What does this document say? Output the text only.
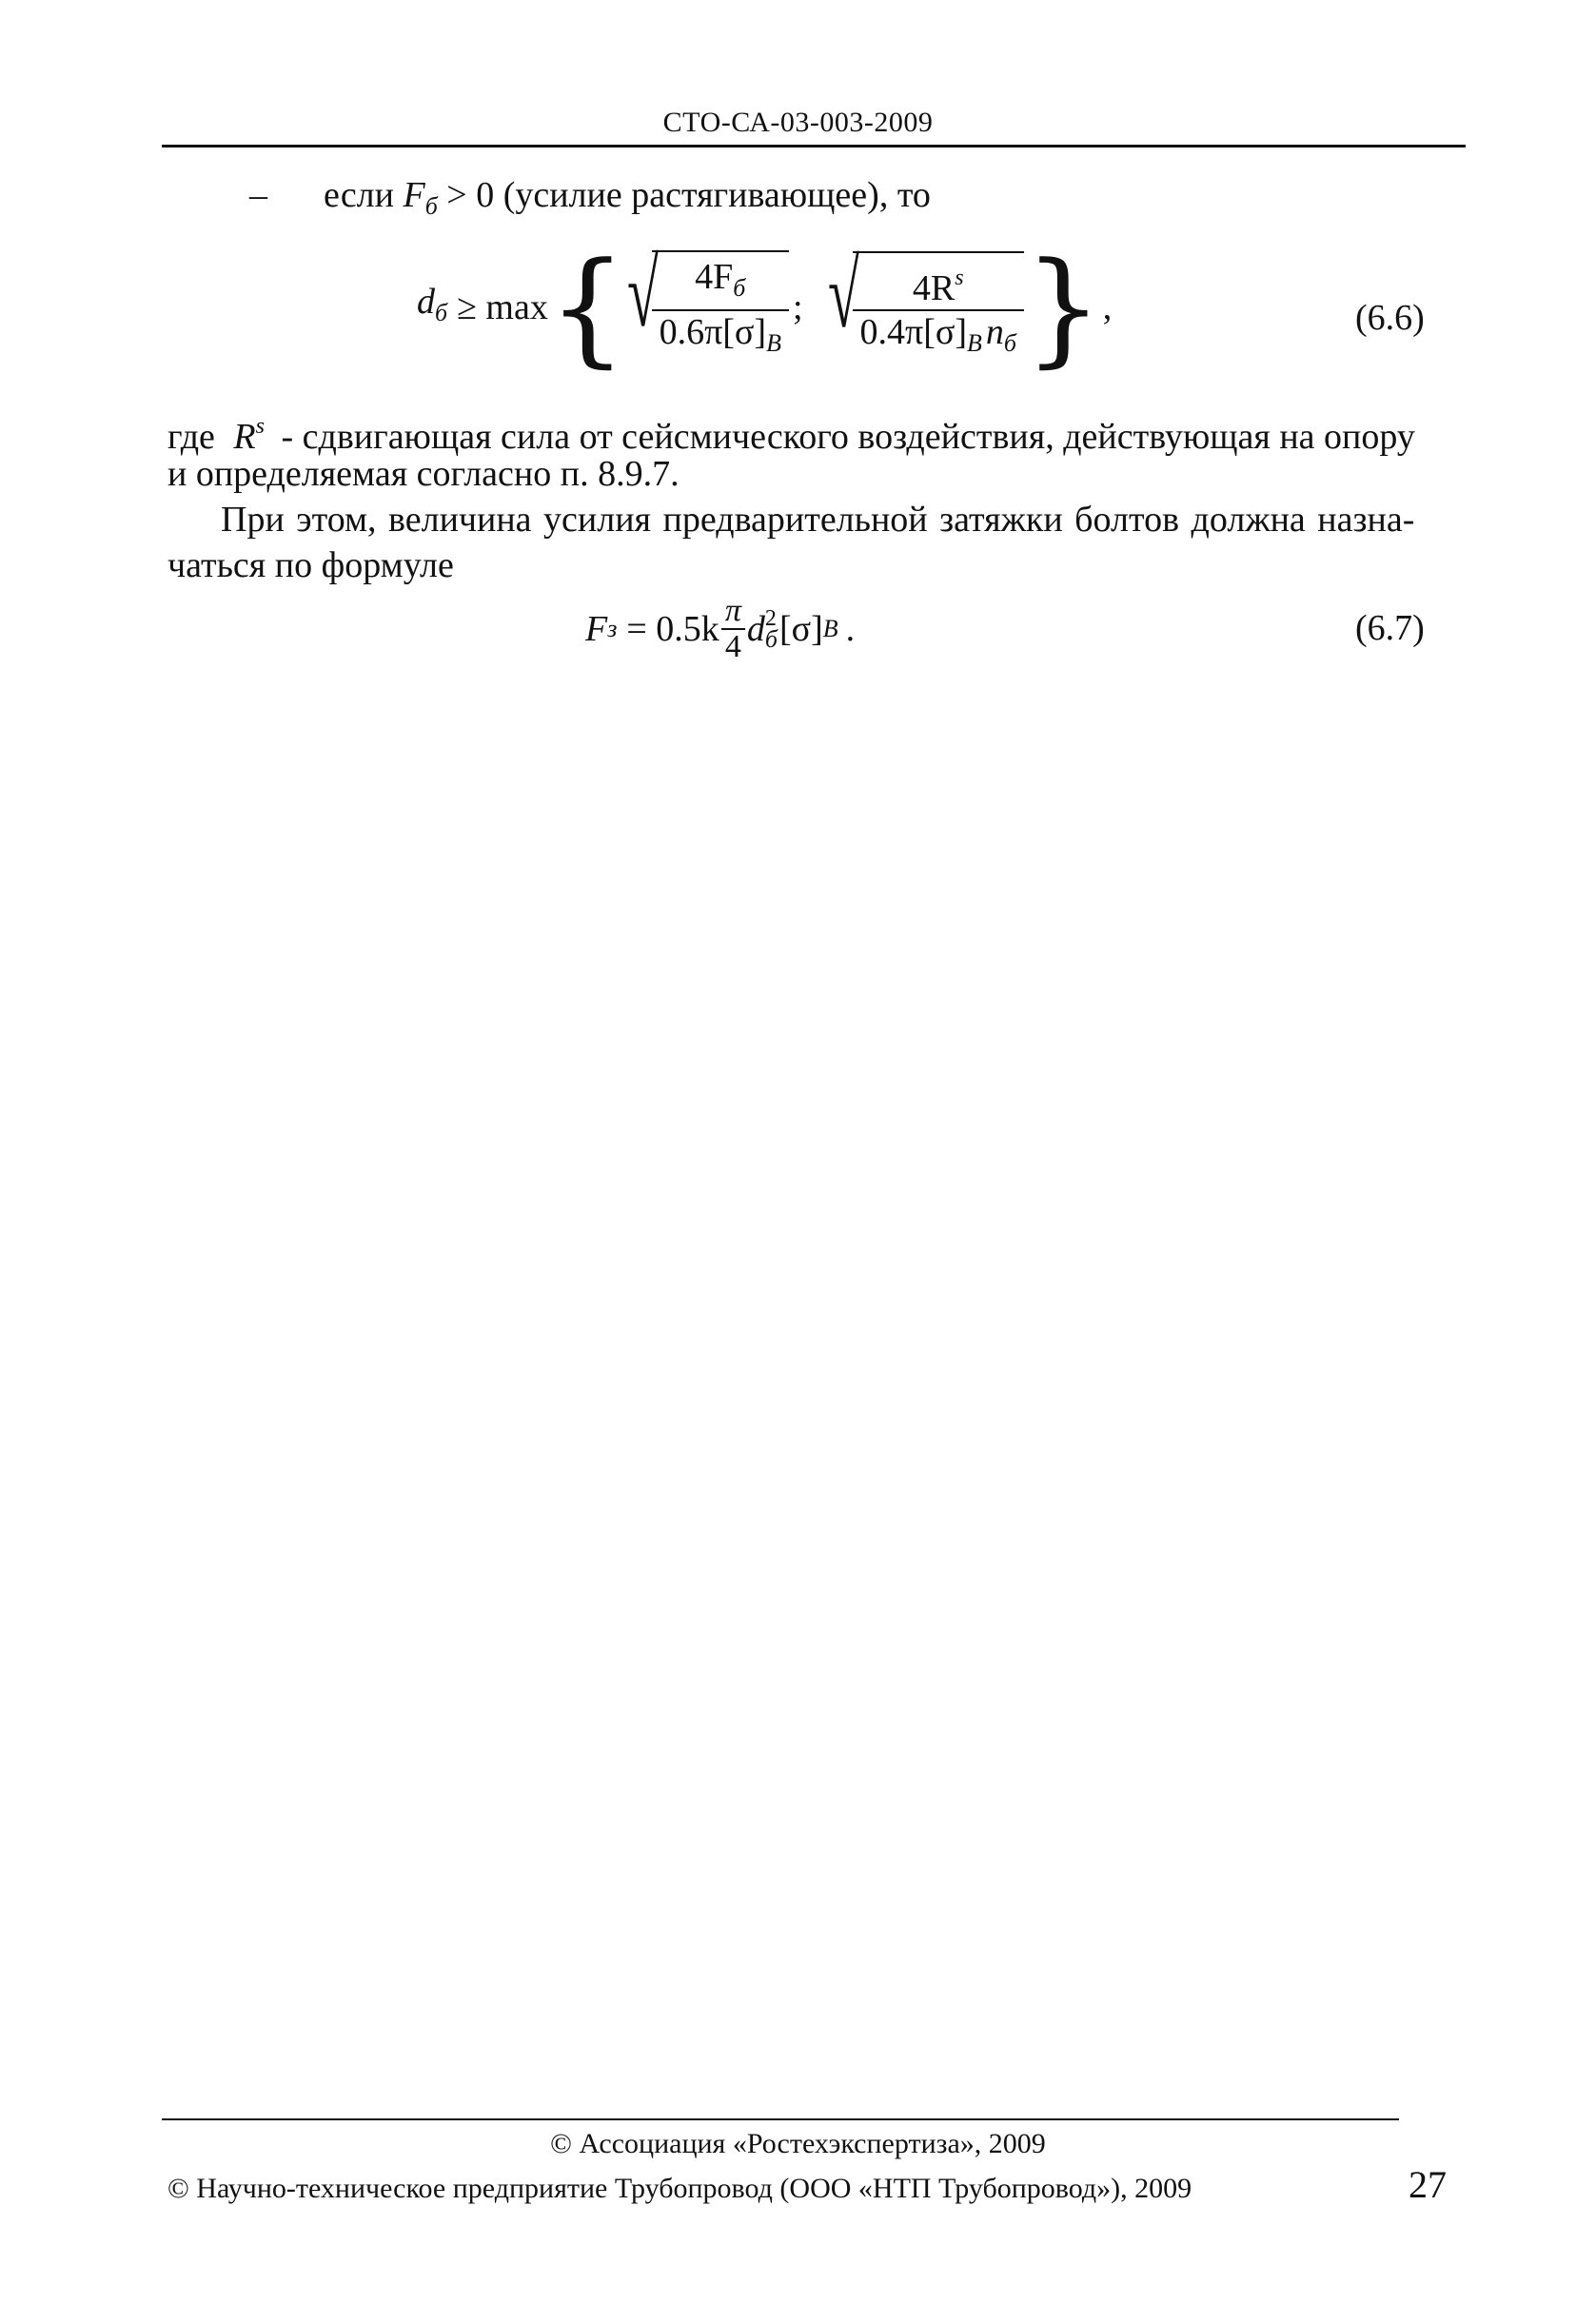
СТО-СА-03-003-2009
– если $F_б > 0$ (усилие растягивающее), то
$d_б \ge \max$ { √
$\frac{4F_б}{0.6\pi[\sigma]_B}$ ; √
$\frac{4R^s}{0.4\pi[\sigma]_B n_б}$ } ,	(6.6)
где $R^s$ - сдвигающая сила от сейсмического воздействия, действующая на опору
и определяемая согласно п. 8.9.7.
При этом, величина усилия предварительной затяжки болтов должна назна-
чаться по формуле
F $з = 0.5k \frac{\pi}{4}$ d 2
б [σ] B .	(6.7)
© Ассоциация «Ростехэкспертиза», 2009
© Научно-техническое предприятие Трубопровод (ООО «НТП Трубопровод»), 2009	27
